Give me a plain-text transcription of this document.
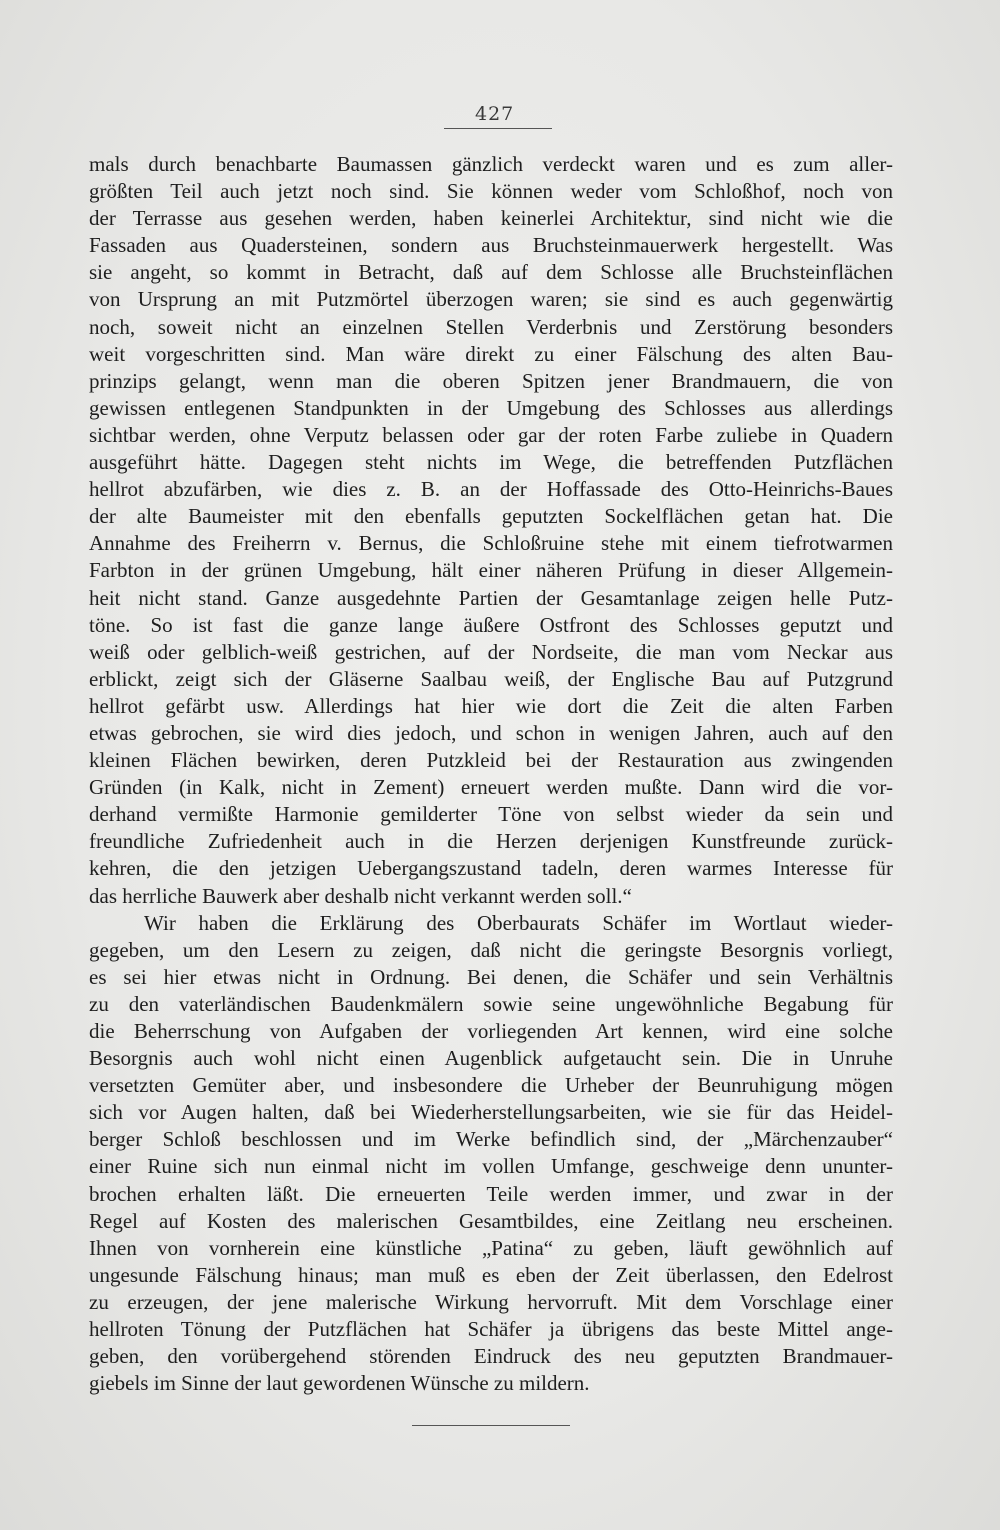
427
mals durch benachbarte Baumassen gänzlich verdeckt waren und es zum aller-
größten Teil auch jetzt noch sind. Sie können weder vom Schloßhof, noch von
der Terrasse aus gesehen werden, haben keinerlei Architektur, sind nicht wie die
Fassaden aus Quadersteinen, sondern aus Bruchsteinmauerwerk hergestellt. Was
sie angeht, so kommt in Betracht, daß auf dem Schlosse alle Bruchsteinflächen
von Ursprung an mit Putzmörtel überzogen waren; sie sind es auch gegenwärtig
noch, soweit nicht an einzelnen Stellen Verderbnis und Zerstörung besonders
weit vorgeschritten sind. Man wäre direkt zu einer Fälschung des alten Bau-
prinzips gelangt, wenn man die oberen Spitzen jener Brandmauern, die von
gewissen entlegenen Standpunkten in der Umgebung des Schlosses aus allerdings
sichtbar werden, ohne Verputz belassen oder gar der roten Farbe zuliebe in Quadern
ausgeführt hätte. Dagegen steht nichts im Wege, die betreffenden Putzflächen
hellrot abzufärben, wie dies z. B. an der Hoffassade des Otto-Heinrichs-Baues
der alte Baumeister mit den ebenfalls geputzten Sockelflächen getan hat. Die
Annahme des Freiherrn v. Bernus, die Schloßruine stehe mit einem tiefrotwarmen
Farbton in der grünen Umgebung, hält einer näheren Prüfung in dieser Allgemein-
heit nicht stand. Ganze ausgedehnte Partien der Gesamtanlage zeigen helle Putz-
töne. So ist fast die ganze lange äußere Ostfront des Schlosses geputzt und
weiß oder gelblich-weiß gestrichen, auf der Nordseite, die man vom Neckar aus
erblickt, zeigt sich der Gläserne Saalbau weiß, der Englische Bau auf Putzgrund
hellrot gefärbt usw. Allerdings hat hier wie dort die Zeit die alten Farben
etwas gebrochen, sie wird dies jedoch, und schon in wenigen Jahren, auch auf den
kleinen Flächen bewirken, deren Putzkleid bei der Restauration aus zwingenden
Gründen (in Kalk, nicht in Zement) erneuert werden mußte. Dann wird die vor-
derhand vermißte Harmonie gemilderter Töne von selbst wieder da sein und
freundliche Zufriedenheit auch in die Herzen derjenigen Kunstfreunde zurück-
kehren, die den jetzigen Uebergangszustand tadeln, deren warmes Interesse für
das herrliche Bauwerk aber deshalb nicht verkannt werden soll.“
Wir haben die Erklärung des Oberbaurats Schäfer im Wortlaut wieder-
gegeben, um den Lesern zu zeigen, daß nicht die geringste Besorgnis vorliegt,
es sei hier etwas nicht in Ordnung. Bei denen, die Schäfer und sein Verhältnis
zu den vaterländischen Baudenkmälern sowie seine ungewöhnliche Begabung für
die Beherrschung von Aufgaben der vorliegenden Art kennen, wird eine solche
Besorgnis auch wohl nicht einen Augenblick aufgetaucht sein. Die in Unruhe
versetzten Gemüter aber, und insbesondere die Urheber der Beunruhigung mögen
sich vor Augen halten, daß bei Wiederherstellungsarbeiten, wie sie für das Heidel-
berger Schloß beschlossen und im Werke befindlich sind, der „Märchenzauber“
einer Ruine sich nun einmal nicht im vollen Umfange, geschweige denn ununter-
brochen erhalten läßt. Die erneuerten Teile werden immer, und zwar in der
Regel auf Kosten des malerischen Gesamtbildes, eine Zeitlang neu erscheinen.
Ihnen von vornherein eine künstliche „Patina“ zu geben, läuft gewöhnlich auf
ungesunde Fälschung hinaus; man muß es eben der Zeit überlassen, den Edelrost
zu erzeugen, der jene malerische Wirkung hervorruft. Mit dem Vorschlage einer
hellroten Tönung der Putzflächen hat Schäfer ja übrigens das beste Mittel ange-
geben, den vorübergehend störenden Eindruck des neu geputzten Brandmauer-
giebels im Sinne der laut gewordenen Wünsche zu mildern.
